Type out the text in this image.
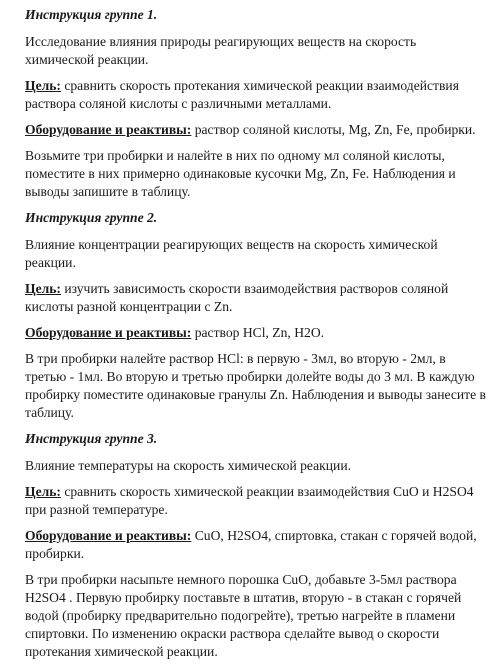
Инструкция группе 1.

Исследование влияния природы реагирующих веществ на скорость химической реакции.

Цель: сравнить скорость протекания химической реакции взаимодействия раствора соляной кислоты с различными металлами.

Оборудование и реактивы: раствор соляной кислоты, Mg, Zn, Fe, пробирки.

Возьмите три пробирки и налейте в них по одному мл соляной кислоты, поместите в них примерно одинаковые кусочки Mg, Zn, Fe. Наблюдения и выводы запишите в таблицу.

Инструкция группе 2.

Влияние концентрации реагирующих веществ на скорость химической реакции.

Цель: изучить зависимость скорости взаимодействия растворов соляной кислоты разной концентрации с Zn.

Оборудование и реактивы: раствор HCl, Zn, H2O.

В три пробирки налейте раствор HCl: в первую - 3мл, во вторую - 2мл, в третью - 1мл. Во вторую и третью пробирки долейте воды до 3 мл. В каждую пробирку поместите одинаковые гранулы Zn. Наблюдения и выводы занесите в таблицу.

Инструкция группе 3.

Влияние температуры на скорость химической реакции.

Цель: сравнить скорость химической реакции взаимодействия CuO и H2SO4 при разной температуре.

Оборудование и реактивы: CuO, H2SO4, спиртовка, стакан с горячей водой, пробирки.

В три пробирки насыпьте немного порошка CuO, добавьте 3-5мл раствора H2SO4 . Первую пробирку поставьте в штатив, вторую - в стакан с горячей водой (пробирку предварительно подогрейте), третью нагрейте в пламени спиртовки. По изменению окраски раствора сделайте вывод о скорости протекания химической реакции.
